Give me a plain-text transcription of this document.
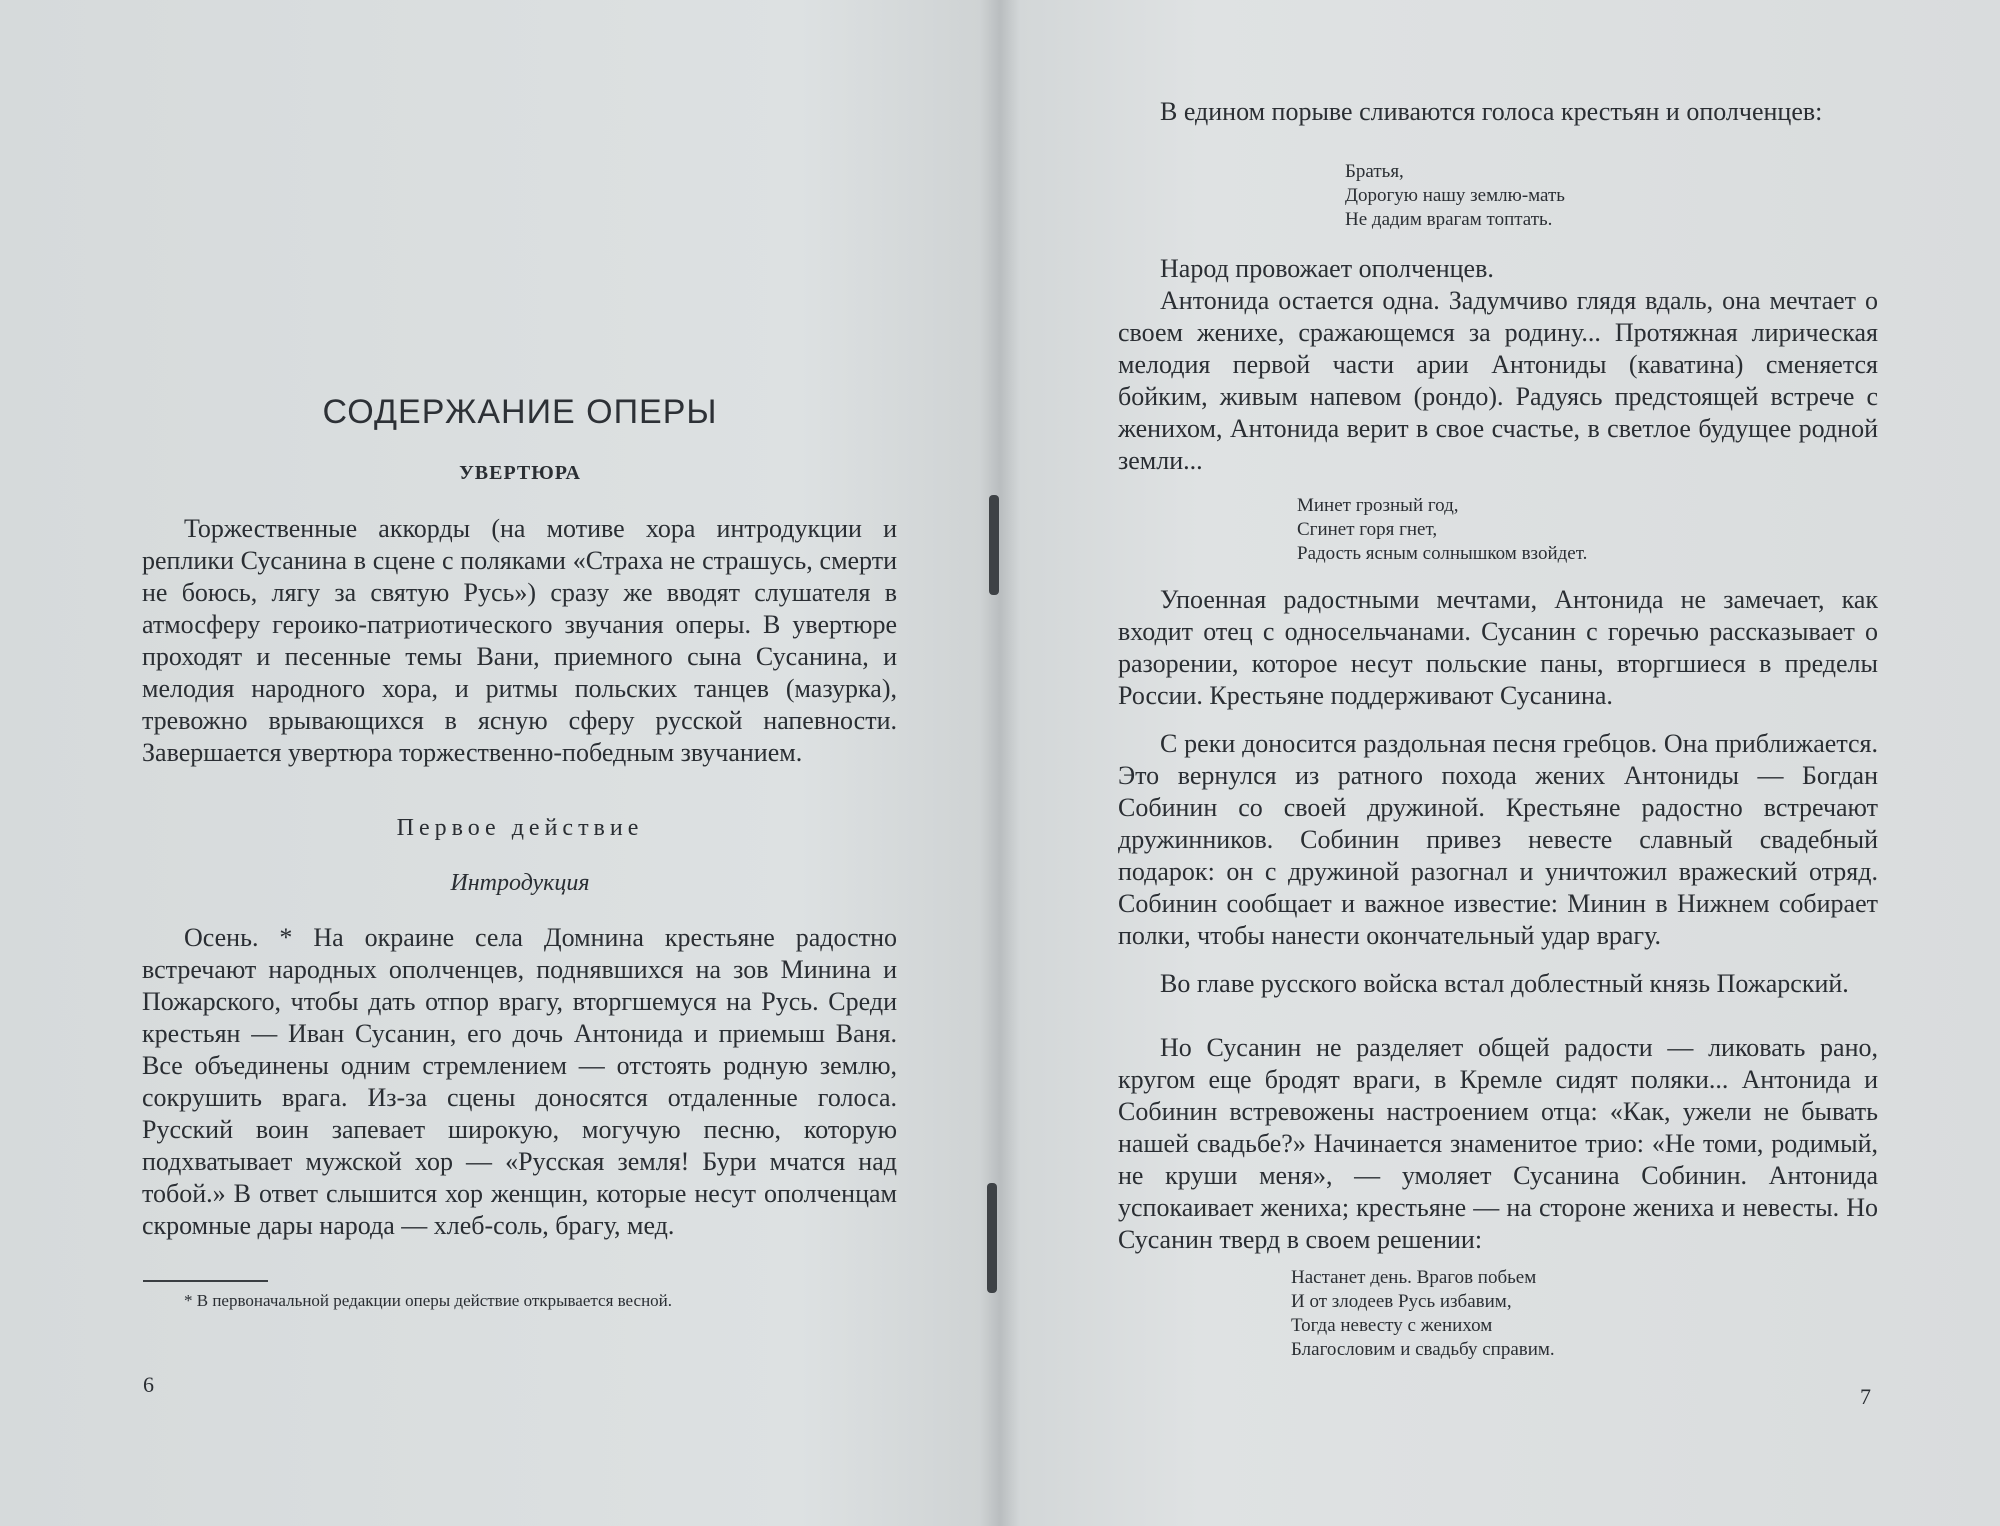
СОДЕРЖАНИЕ ОПЕРЫ
УВЕРТЮРА
Торжественные аккорды (на мотиве хора интродукции и реплики Сусанина в сцене с поляками «Страха не страшусь, смерти не боюсь, лягу за святую Русь») сразу же вводят слушателя в атмосферу героико-патриотического звучания оперы. В увертюре проходят и песенные темы Вани, приемного сына Сусанина, и мелодия народного хора, и ритмы польских танцев (мазурка), тревожно врывающихся в ясную сферу русской напевности. Завершается увертюра торжественно-победным звучанием.
Первое действие
Интродукция
Осень. * На окраине села Домнина крестьяне радостно встречают народных ополченцев, поднявшихся на зов Минина и Пожарского, чтобы дать отпор врагу, вторгшемуся на Русь. Среди крестьян — Иван Сусанин, его дочь Антонида и приемыш Ваня. Все объединены одним стремлением — отстоять родную землю, сокрушить врага. Из-за сцены доносятся отдаленные голоса. Русский воин запевает широкую, могучую песню, которую подхватывает мужской хор — «Русская земля! Бури мчатся над тобой.» В ответ слышится хор женщин, которые несут ополченцам скромные дары народа — хлеб-соль, брагу, мед.
* В первоначальной редакции оперы действие открывается весной.
6
В едином порыве сливаются голоса крестьян и ополченцев:
Братья,
Дорогую нашу землю-мать
Не дадим врагам топтать.
Народ провожает ополченцев.
Антонида остается одна. Задумчиво глядя вдаль, она мечтает о своем женихе, сражающемся за родину... Протяжная лирическая мелодия первой части арии Антониды (каватина) сменяется бойким, живым напевом (рондо). Радуясь предстоящей встрече с женихом, Антонида верит в свое счастье, в светлое будущее родной земли...
Минет грозный год,
Сгинет горя гнет,
Радость ясным солнышком взойдет.
Упоенная радостными мечтами, Антонида не замечает, как входит отец с односельчанами. Сусанин с горечью рассказывает о разорении, которое несут польские паны, вторгшиеся в пределы России. Крестьяне поддерживают Сусанина.
С реки доносится раздольная песня гребцов. Она приближается. Это вернулся из ратного похода жених Антониды — Богдан Собинин со своей дружиной. Крестьяне радостно встречают дружинников. Собинин привез невесте славный свадебный подарок: он с дружиной разогнал и уничтожил вражеский отряд. Собинин сообщает и важное известие: Минин в Нижнем собирает полки, чтобы нанести окончательный удар врагу.
Во главе русского войска встал доблестный князь Пожарский.
Но Сусанин не разделяет общей радости — ликовать рано, кругом еще бродят враги, в Кремле сидят поляки... Антонида и Собинин встревожены настроением отца: «Как, ужели не бывать нашей свадьбе?» Начинается знаменитое трио: «Не томи, родимый, не круши меня», — умоляет Сусанина Собинин. Антонида успокаивает жениха; крестьяне — на стороне жениха и невесты. Но Сусанин тверд в своем решении:
Настанет день. Врагов побьем
И от злодеев Русь избавим,
Тогда невесту с женихом
Благословим и свадьбу справим.
7
